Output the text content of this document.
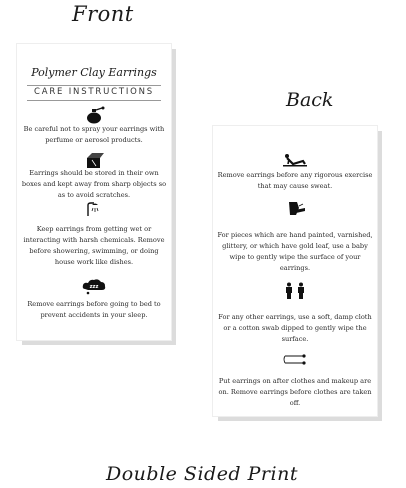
Front
Back
Double Sided Print
Polymer Clay Earrings
CARE INSTRUCTIONS
Be careful not to spray your earrings with perfume or aerosol products.
Earrings should be stored in their own boxes and kept away from sharp objects so as to avoid scratches.
Keep earrings from getting wet or interacting with harsh chemicals. Remove before showering, swimming, or doing house work like dishes.
zzz
Remove earrings before going to bed to prevent accidents in your sleep.
Remove earrings before any rigorous exercise that may cause sweat.
For pieces which are hand painted, varnished, glittery, or which have gold leaf, use a baby wipe to gently wipe the surface of your earrings.
For any other earrings, use a soft, damp cloth or a cotton swab dipped to gently wipe the surface.
Put earrings on after clothes and makeup are on. Remove earrings before clothes are taken off.
